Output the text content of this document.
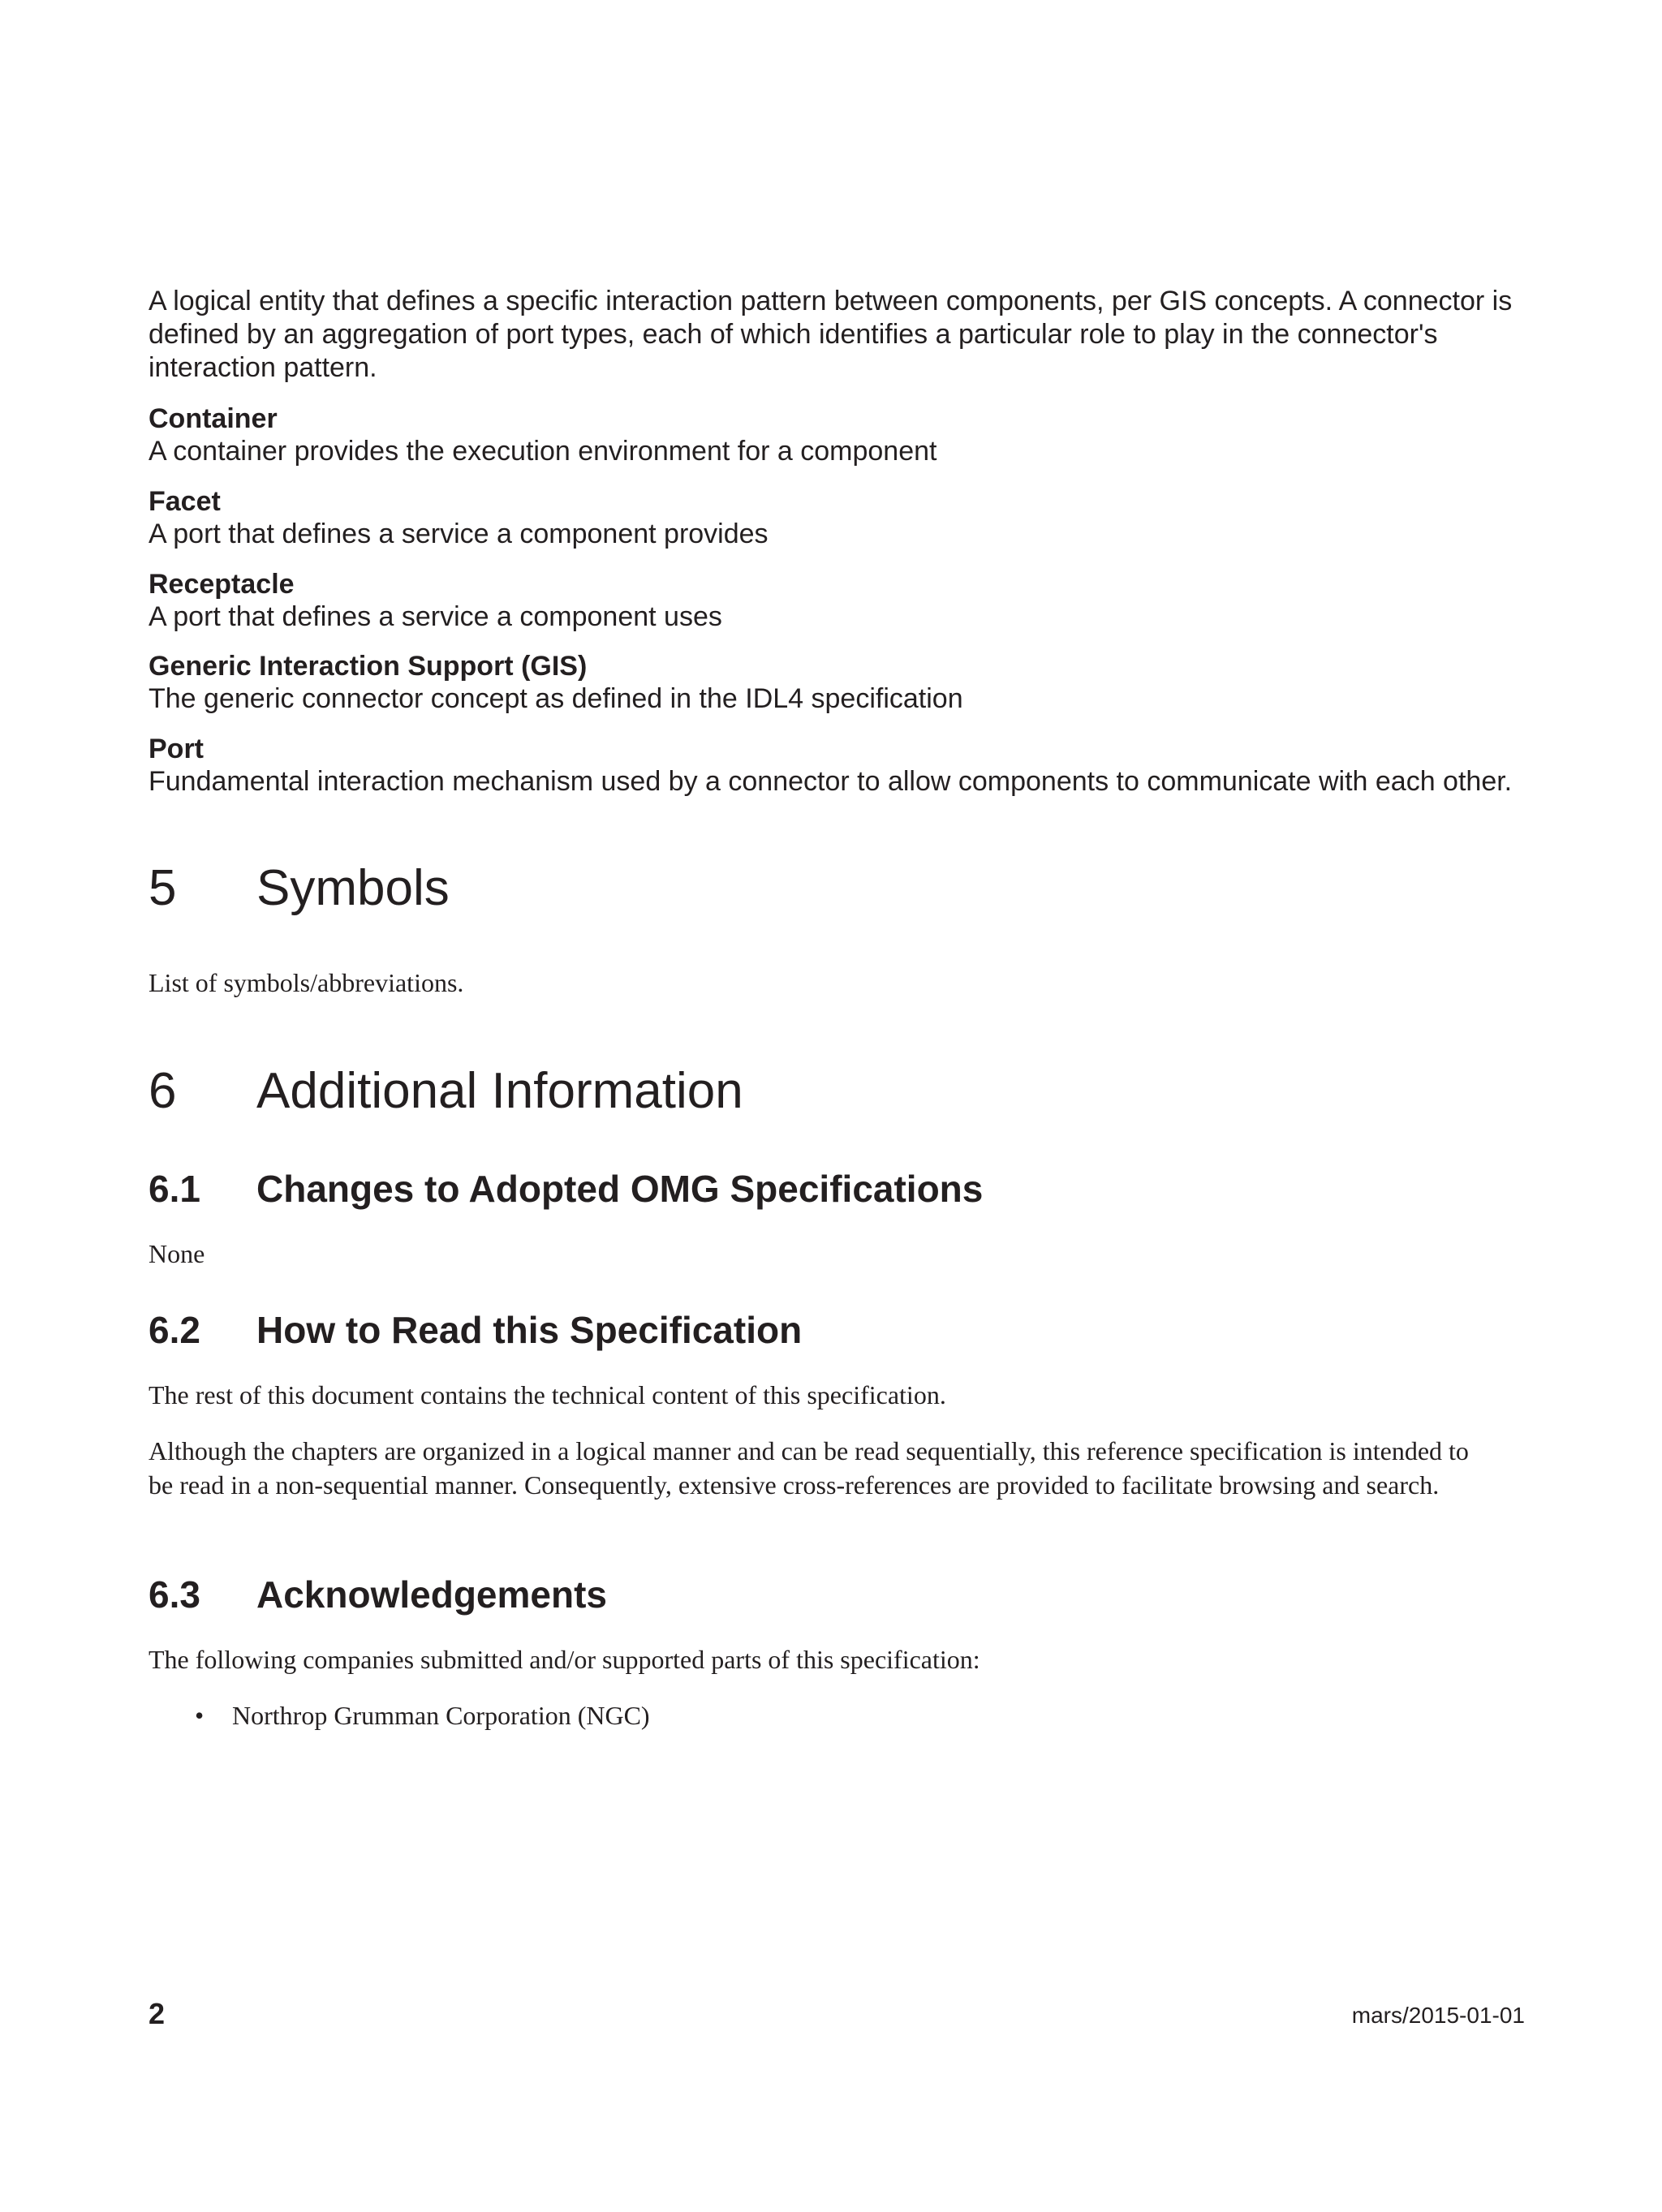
A logical entity that defines a specific interaction pattern between components, per GIS concepts. A connector is defined by an aggregation of port types, each of which identifies a particular role to play in the connector's interaction pattern.

Container

A container provides the execution environment for a component

Facet

A port that defines a service a component provides

Receptacle

A port that defines a service a component uses

Generic Interaction Support (GIS)

The generic connector concept as defined in the IDL4 specification

Port

Fundamental interaction mechanism used by a connector to allow components to communicate with each other.

5 Symbols

List of symbols/abbreviations.

6 Additional Information
6.1 Changes to Adopted OMG Specifications

None

6.2 How to Read this Specification

The rest of this document contains the technical content of this specification.

Although the chapters are organized in a logical manner and can be read sequentially, this reference specification is intended to be read in a non-sequential manner. Consequently, extensive cross-references are provided to facilitate browsing and search.

6.3 Acknowledgements

The following companies submitted and/or supported parts of this specification:

• Northrop Grumman Corporation (NGC)

2	mars/2015-01-01
